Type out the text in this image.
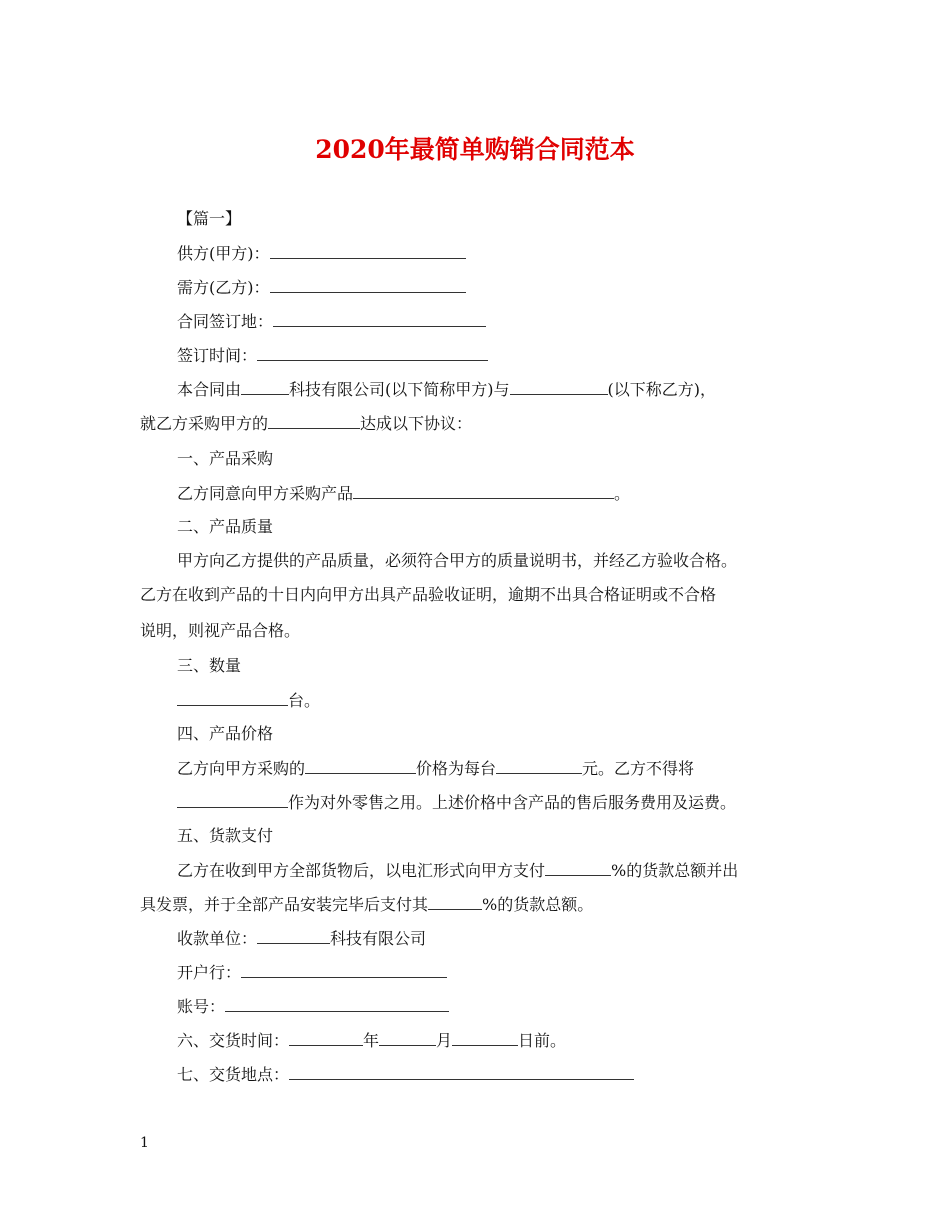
2020年最简单购销合同范本
【篇一】
供方(甲方)：
需方(乙方)：
合同签订地：
签订时间：
本合同由	科技有限公司(以下简称甲方)与	(以下称乙方)，
就乙方采购甲方的	达成以下协议：
一、产品采购
乙方同意向甲方采购产品	。
二、产品质量
甲方向乙方提供的产品质量，必须符合甲方的质量说明书，并经乙方验收合格。
乙方在收到产品的十日内向甲方出具产品验收证明，逾期不出具合格证明或不合格
说明，则视产品合格。
三、数量
台。
四、产品价格
乙方向甲方采购的	价格为每台	元。乙方不得将
作为对外零售之用。上述价格中含产品的售后服务费用及运费。
五、货款支付
乙方在收到甲方全部货物后，以电汇形式向甲方支付	%的货款总额并出
具发票，并于全部产品安装完毕后支付其	%的货款总额。
收款单位：	科技有限公司
开户行：
账号：
六、交货时间：	年	月	日前。
七、交货地点：
1
